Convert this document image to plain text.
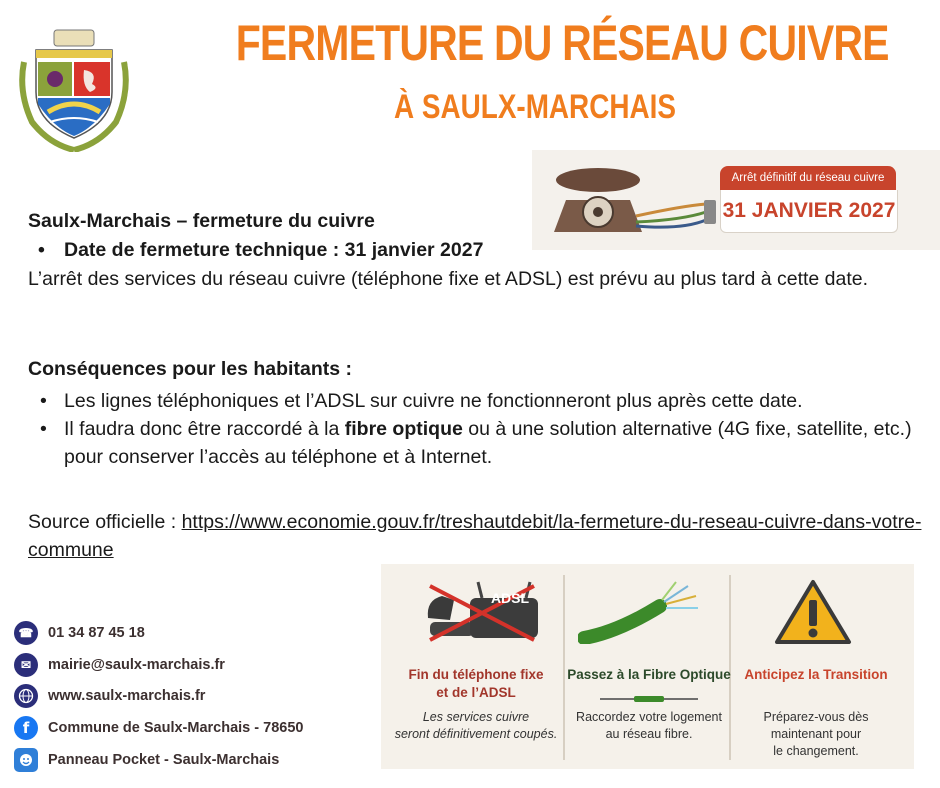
FERMETURE DU RÉSEAU CUIVRE
À SAULX-MARCHAIS
Arrêt définitif du réseau cuivre
31 JANVIER 2027
Saulx-Marchais – fermeture du cuivre
• Date de fermeture technique : 31 janvier 2027
L’arrêt des services du réseau cuivre (téléphone fixe et ADSL) est prévu au plus tard à cette date.
Conséquences pour les habitants :
• Les lignes téléphoniques et l’ADSL sur cuivre ne fonctionneront plus après cette date.
• Il faudra donc être raccordé à la fibre optique ou à une solution alternative (4G fixe, satellite, etc.) pour conserver l’accès au téléphone et à Internet.
Source officielle : https://www.economie.gouv.fr/treshautdebit/la-fermeture-du-reseau-cuivre-dans-votre-commune
☎	01 34 87 45 18
✉	mairie@saulx-marchais.fr
www.saulx-marchais.fr
f	Commune de Saulx-Marchais - 78650
Panneau Pocket - Saulx-Marchais
ADSL
Fin du téléphone fixe
et de l’ADSL
Les services cuivre
seront définitivement coupés.
Passez à la Fibre Optique
Raccordez votre logement
au réseau fibre.
Anticipez la Transition
Préparez-vous dès
maintenant pour
le changement.
